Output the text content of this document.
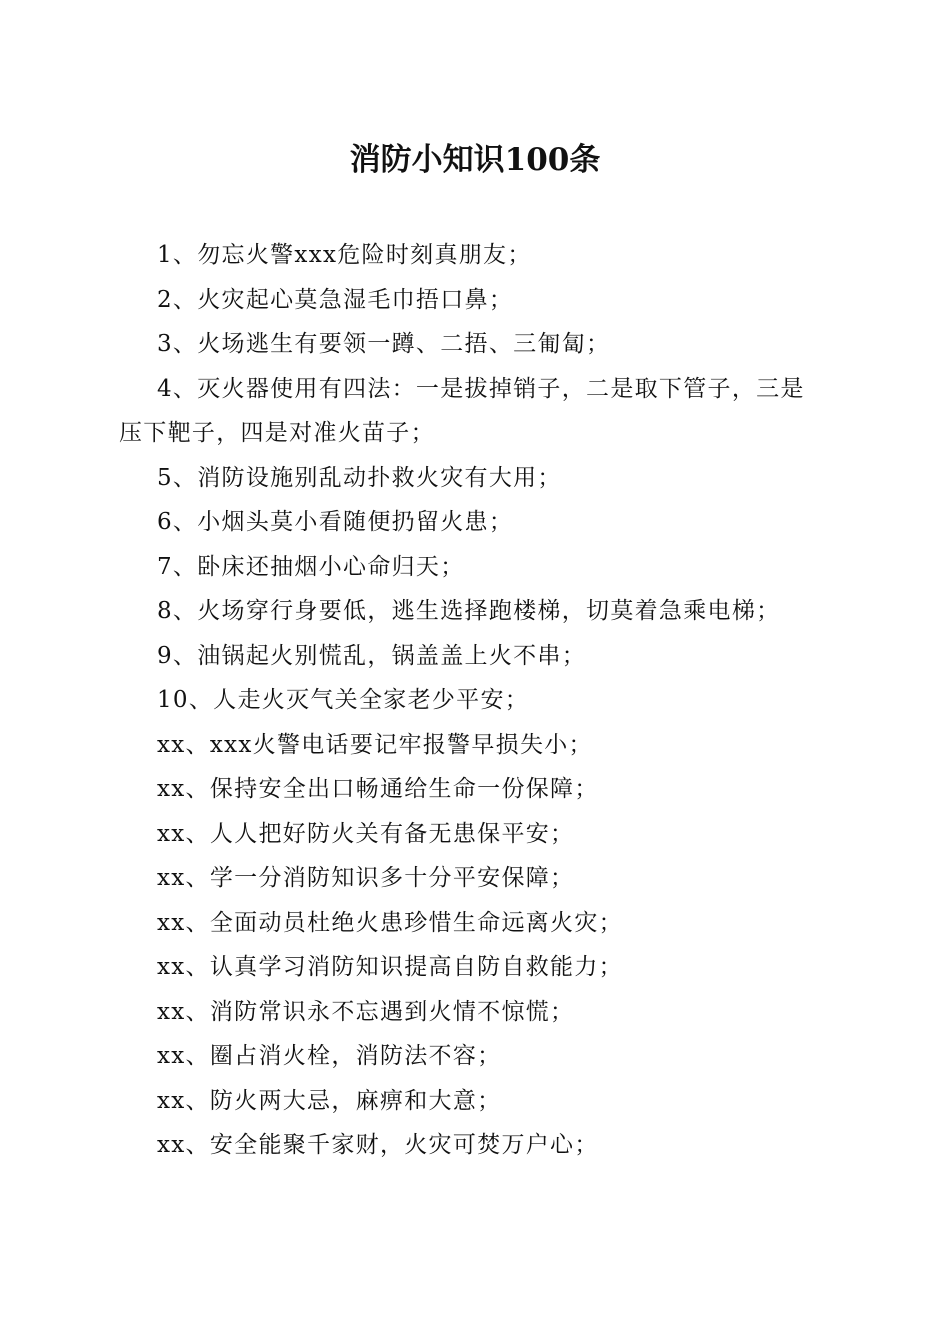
消防小知识100条

1、勿忘火警xxx危险时刻真朋友；

2、火灾起心莫急湿毛巾捂口鼻；

3、火场逃生有要领一蹲、二捂、三匍匐；

4、灭火器使用有四法：一是拔掉销子，二是取下管子，三是压下靶子，四是对准火苗子；

5、消防设施别乱动扑救火灾有大用；

6、小烟头莫小看随便扔留火患；

7、卧床还抽烟小心命归天；

8、火场穿行身要低，逃生选择跑楼梯，切莫着急乘电梯；

9、油锅起火别慌乱，锅盖盖上火不串；

10、人走火灭气关全家老少平安；

xx、xxx火警电话要记牢报警早损失小；

xx、保持安全出口畅通给生命一份保障；

xx、人人把好防火关有备无患保平安；

xx、学一分消防知识多十分平安保障；

xx、全面动员杜绝火患珍惜生命远离火灾；

xx、认真学习消防知识提高自防自救能力；

xx、消防常识永不忘遇到火情不惊慌；

xx、圈占消火栓，消防法不容；

xx、防火两大忌，麻痹和大意；

xx、安全能聚千家财，火灾可焚万户心；
